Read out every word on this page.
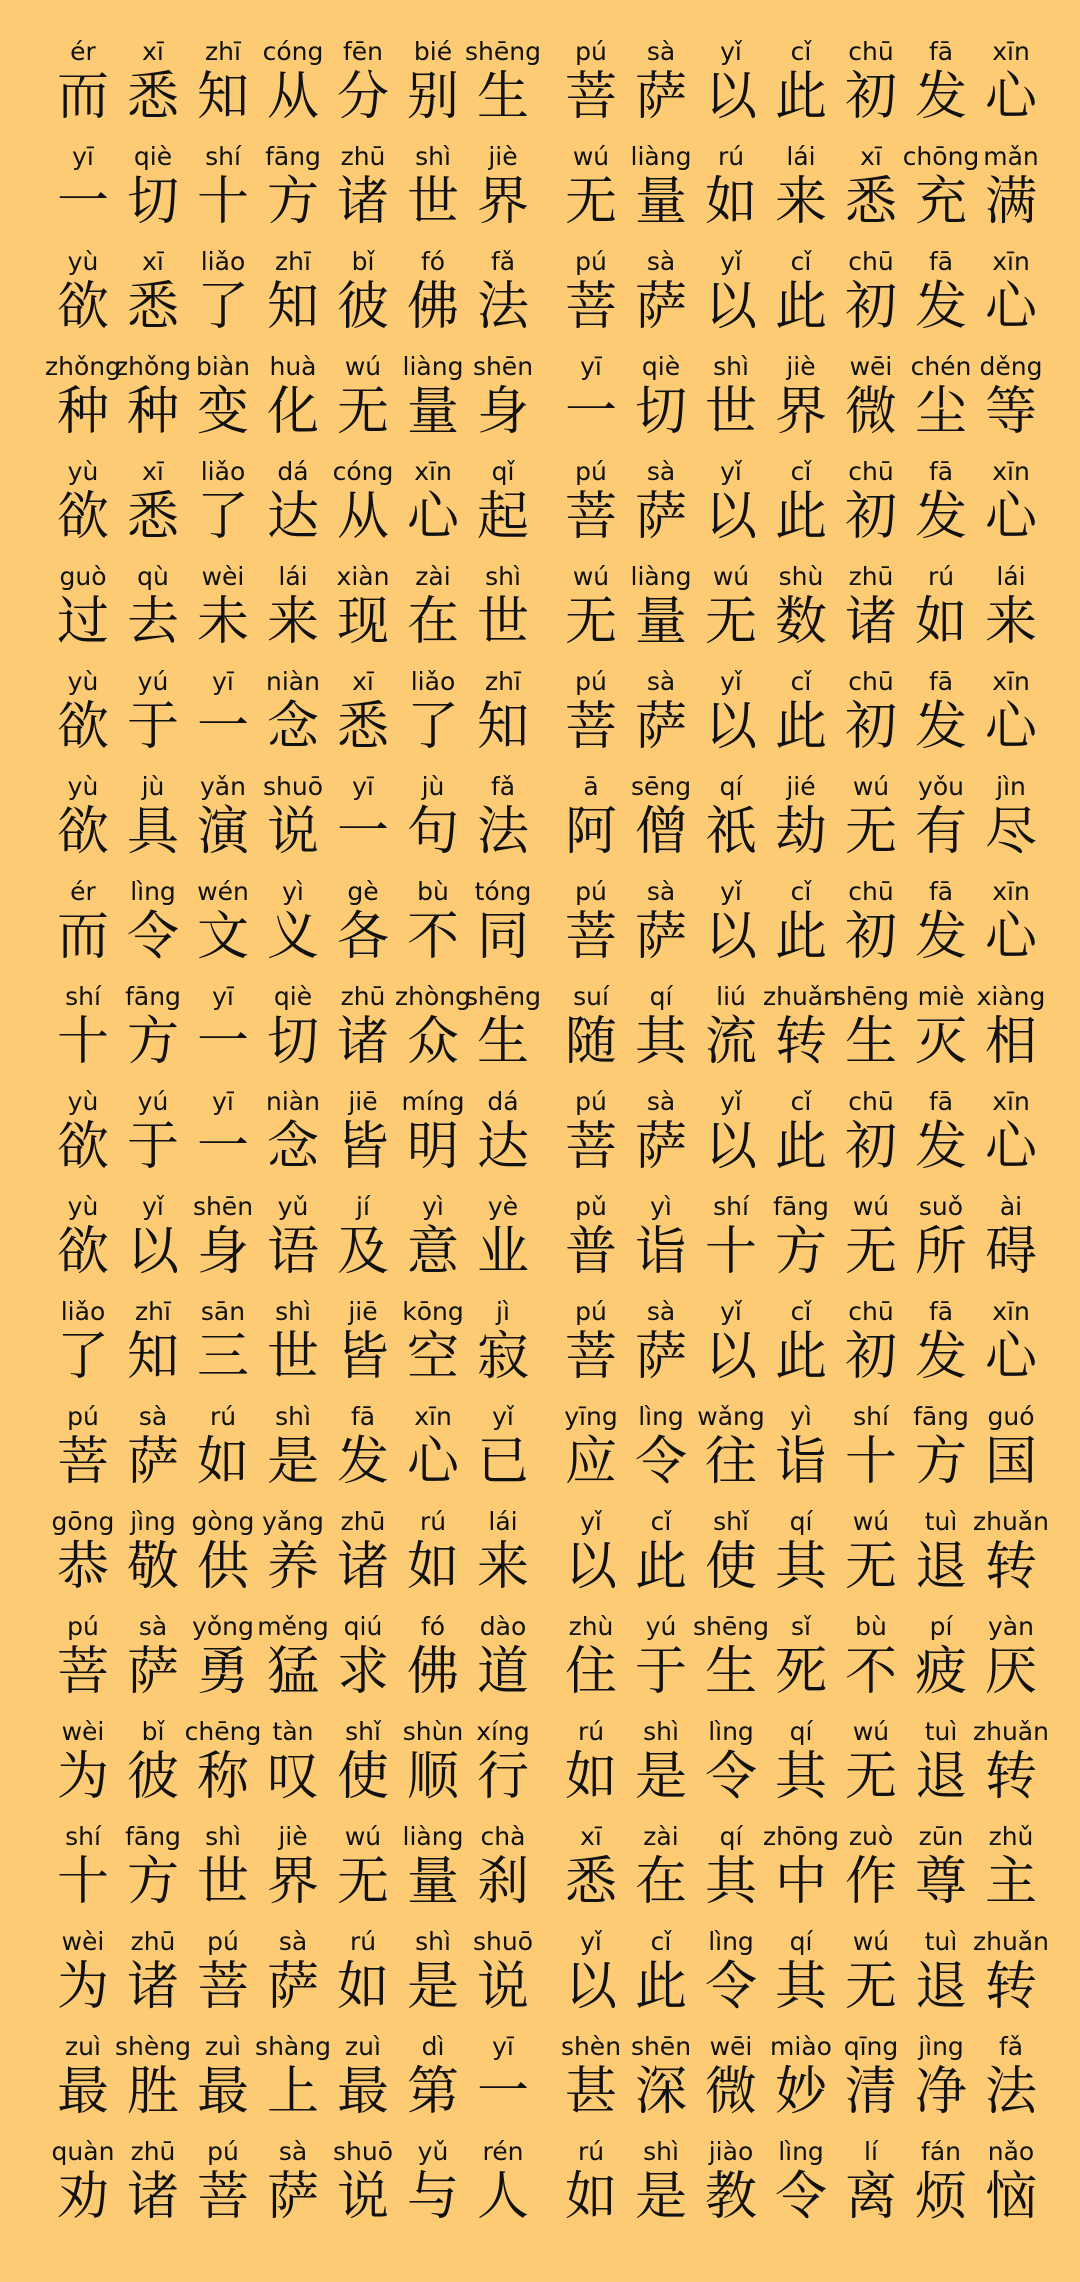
ér
而
xī
悉
zhī
知
cóng
从
fēn
分
bié
别
shēng
生
pú
菩
sà
萨
yǐ
以
cǐ
此
chū
初
fā
发
xīn
心
yī
一
qiè
切
shí
十
fāng
方
zhū
诸
shì
世
jiè
界
wú
无
liàng
量
rú
如
lái
来
xī
悉
chōng
充
mǎn
满
yù
欲
xī
悉
liǎo
了
zhī
知
bǐ
彼
fó
佛
fǎ
法
pú
菩
sà
萨
yǐ
以
cǐ
此
chū
初
fā
发
xīn
心
zhǒng
种
zhǒng
种
biàn
变
huà
化
wú
无
liàng
量
shēn
身
yī
一
qiè
切
shì
世
jiè
界
wēi
微
chén
尘
děng
等
yù
欲
xī
悉
liǎo
了
dá
达
cóng
从
xīn
心
qǐ
起
pú
菩
sà
萨
yǐ
以
cǐ
此
chū
初
fā
发
xīn
心
guò
过
qù
去
wèi
未
lái
来
xiàn
现
zài
在
shì
世
wú
无
liàng
量
wú
无
shù
数
zhū
诸
rú
如
lái
来
yù
欲
yú
于
yī
一
niàn
念
xī
悉
liǎo
了
zhī
知
pú
菩
sà
萨
yǐ
以
cǐ
此
chū
初
fā
发
xīn
心
yù
欲
jù
具
yǎn
演
shuō
说
yī
一
jù
句
fǎ
法
ā
阿
sēng
僧
qí
祇
jié
劫
wú
无
yǒu
有
jìn
尽
ér
而
lìng
令
wén
文
yì
义
gè
各
bù
不
tóng
同
pú
菩
sà
萨
yǐ
以
cǐ
此
chū
初
fā
发
xīn
心
shí
十
fāng
方
yī
一
qiè
切
zhū
诸
zhòng
众
shēng
生
suí
随
qí
其
liú
流
zhuǎn
转
shēng
生
miè
灭
xiàng
相
yù
欲
yú
于
yī
一
niàn
念
jiē
皆
míng
明
dá
达
pú
菩
sà
萨
yǐ
以
cǐ
此
chū
初
fā
发
xīn
心
yù
欲
yǐ
以
shēn
身
yǔ
语
jí
及
yì
意
yè
业
pǔ
普
yì
诣
shí
十
fāng
方
wú
无
suǒ
所
ài
碍
liǎo
了
zhī
知
sān
三
shì
世
jiē
皆
kōng
空
jì
寂
pú
菩
sà
萨
yǐ
以
cǐ
此
chū
初
fā
发
xīn
心
pú
菩
sà
萨
rú
如
shì
是
fā
发
xīn
心
yǐ
已
yīng
应
lìng
令
wǎng
往
yì
诣
shí
十
fāng
方
guó
国
gōng
恭
jìng
敬
gòng
供
yǎng
养
zhū
诸
rú
如
lái
来
yǐ
以
cǐ
此
shǐ
使
qí
其
wú
无
tuì
退
zhuǎn
转
pú
菩
sà
萨
yǒng
勇
měng
猛
qiú
求
fó
佛
dào
道
zhù
住
yú
于
shēng
生
sǐ
死
bù
不
pí
疲
yàn
厌
wèi
为
bǐ
彼
chēng
称
tàn
叹
shǐ
使
shùn
顺
xíng
行
rú
如
shì
是
lìng
令
qí
其
wú
无
tuì
退
zhuǎn
转
shí
十
fāng
方
shì
世
jiè
界
wú
无
liàng
量
chà
刹
xī
悉
zài
在
qí
其
zhōng
中
zuò
作
zūn
尊
zhǔ
主
wèi
为
zhū
诸
pú
菩
sà
萨
rú
如
shì
是
shuō
说
yǐ
以
cǐ
此
lìng
令
qí
其
wú
无
tuì
退
zhuǎn
转
zuì
最
shèng
胜
zuì
最
shàng
上
zuì
最
dì
第
yī
一
shèn
甚
shēn
深
wēi
微
miào
妙
qīng
清
jìng
净
fǎ
法
quàn
劝
zhū
诸
pú
菩
sà
萨
shuō
说
yǔ
与
rén
人
rú
如
shì
是
jiào
教
lìng
令
lí
离
fán
烦
nǎo
恼
